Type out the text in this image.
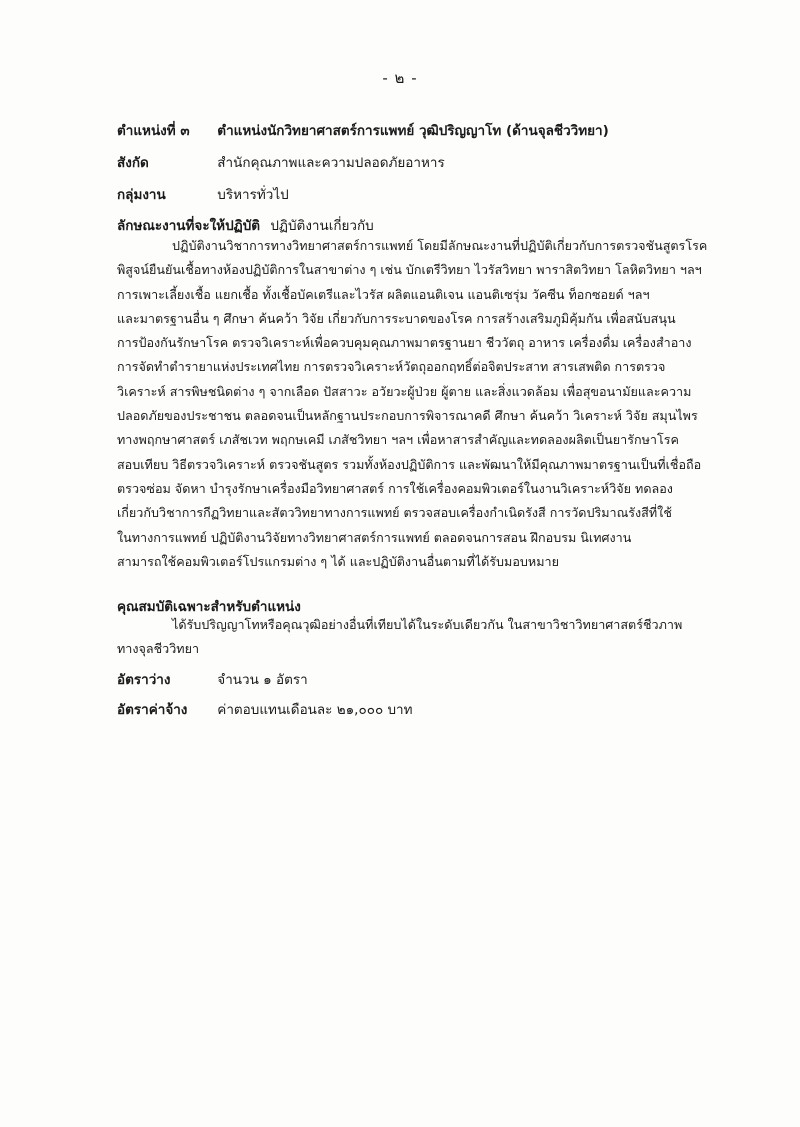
- ๒ -
ตำแหน่งที่ ๓ ตำแหน่งนักวิทยาศาสตร์การแพทย์ วุฒิปริญญาโท (ด้านจุลชีววิทยา)
สังกัด	สำนักคุณภาพและความปลอดภัยอาหาร
กลุ่มงาน	บริหารทั่วไป
ลักษณะงานที่จะให้ปฏิบัติ ปฏิบัติงานเกี่ยวกับ
ปฏิบัติงานวิชาการทางวิทยาศาสตร์การแพทย์ โดยมีลักษณะงานที่ปฏิบัติเกี่ยวกับการตรวจชันสูตรโรค
พิสูจน์ยืนยันเชื้อทางห้องปฏิบัติการในสาขาต่าง ๆ เช่น บักเตรีวิทยา ไวรัสวิทยา พาราสิตวิทยา โลหิตวิทยา ฯลฯ
การเพาะเลี้ยงเชื้อ แยกเชื้อ ทั้งเชื้อบัคเตรีและไวรัส ผลิตแอนติเจน แอนติเซรุ่ม วัคซีน ท็อกซอยด์ ฯลฯ
และมาตรฐานอื่น ๆ ศึกษา ค้นคว้า วิจัย เกี่ยวกับการระบาดของโรค การสร้างเสริมภูมิคุ้มกัน เพื่อสนับสนุน
การป้องกันรักษาโรค ตรวจวิเคราะห์เพื่อควบคุมคุณภาพมาตรฐานยา ชีววัตถุ อาหาร เครื่องดื่ม เครื่องสำอาง
การจัดทำตำรายาแห่งประเทศไทย การตรวจวิเคราะห์วัตถุออกฤทธิ์ต่อจิตประสาท สารเสพติด การตรวจ
วิเคราะห์ สารพิษชนิดต่าง ๆ จากเลือด ปัสสาวะ อวัยวะผู้ป่วย ผู้ตาย และสิ่งแวดล้อม เพื่อสุขอนามัยและความ
ปลอดภัยของประชาชน ตลอดจนเป็นหลักฐานประกอบการพิจารณาคดี ศึกษา ค้นคว้า วิเคราะห์ วิจัย สมุนไพร
ทางพฤกษาศาสตร์ เภสัชเวท พฤกษเคมี เภสัชวิทยา ฯลฯ เพื่อหาสารสำคัญและทดลองผลิตเป็นยารักษาโรค
สอบเทียบ วิธีตรวจวิเคราะห์ ตรวจชันสูตร รวมทั้งห้องปฏิบัติการ และพัฒนาให้มีคุณภาพมาตรฐานเป็นที่เชื่อถือ
ตรวจซ่อม จัดหา บำรุงรักษาเครื่องมือวิทยาศาสตร์ การใช้เครื่องคอมพิวเตอร์ในงานวิเคราะห์วิจัย ทดลอง
เกี่ยวกับวิชาการกีฏวิทยาและสัตววิทยาทางการแพทย์ ตรวจสอบเครื่องกำเนิดรังสี การวัดปริมาณรังสีที่ใช้
ในทางการแพทย์ ปฏิบัติงานวิจัยทางวิทยาศาสตร์การแพทย์ ตลอดจนการสอน ฝึกอบรม นิเทศงาน
สามารถใช้คอมพิวเตอร์โปรแกรมต่าง ๆ ได้ และปฏิบัติงานอื่นตามที่ได้รับมอบหมาย
คุณสมบัติเฉพาะสำหรับตำแหน่ง
ได้รับปริญญาโทหรือคุณวุฒิอย่างอื่นที่เทียบได้ในระดับเดียวกัน ในสาขาวิชาวิทยาศาสตร์ชีวภาพ
ทางจุลชีววิทยา
อัตราว่าง	จำนวน ๑ อัตรา
อัตราค่าจ้าง ค่าตอบแทนเดือนละ ๒๑,๐๐๐ บาท
